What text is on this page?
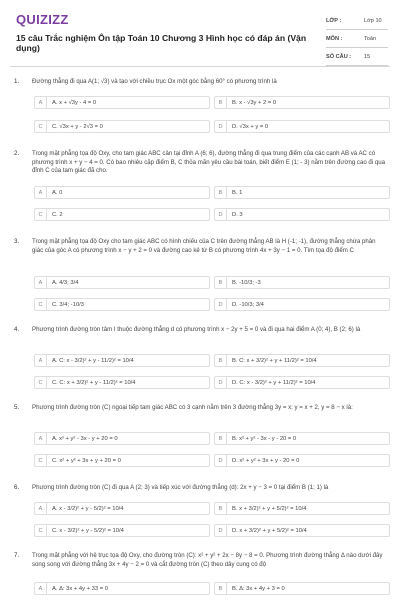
QUIZIZZ
15 câu Trắc nghiệm Ôn tập Toán 10 Chương 3 Hình học có đáp án (Vận dụng)
LỚP :	Lớp 10
MÔN :	Toán
SỐ CÂU : 15
1. Đường thẳng đi qua A(1; √3) và tạo với chiều trục Ox một góc bằng 60° có phương trình là
A	A. x + √3y - 4 = 0	B	B. x - √3y + 2 = 0
C	C. √3x + y - 2√3 = 0	D	D. √3x + y = 0
2. Trong mặt phẳng tọa độ Oxy, cho tam giác ABC cân tại đỉnh A (6; 6), đường thẳng đi qua trung điểm của các cạnh AB và AC có phương trình x + y − 4 = 0. Có bao nhiêu cặp điểm B, C thỏa mãn yêu cầu bài toán, biết điểm E (1; - 3) nằm trên đường cao đi qua đỉnh C của tam giác đã cho.
A	A. 0	B	B. 1
C	C. 2	D	D. 3
3. Trong mặt phẳng tọa độ Oxy cho tam giác ABC có hình chiếu của C trên đường thẳng AB là H (-1; -1), đường thẳng chứa phân giác của góc A có phương trình x − y + 2 = 0 và đường cao kẻ từ B có phương trình 4x + 3y − 1 = 0. Tìm tọa độ điểm C
A	A. 4/3; 3/4	B	B. -10/3; -3
C	C. 3/4; -10/3	D	D. -10/3; 3/4
4. Phương trình đường tròn tâm I thuộc đường thẳng d có phương trình x − 2y + 5 = 0 và đi qua hai điểm A (0; 4), B (2; 6) là
A	A. C: x - 3/2)² + y - 11/2)² = 10/4	B	B. C: x + 3/2)² + y + 11/2)² = 10/4
C	C. C: x + 3/2)² + y - 11/2)² = 10/4	D	D. C: x - 3/2)² + y + 11/2)² = 10/4
5. Phương trình đường tròn (C) ngoại tiếp tam giác ABC có 3 cạnh nằm trên 3 đường thẳng 3y = x; y = x + 2, y = 8 − x là:
A	A. x² + y² - 3x - y + 20 = 0	B	B. x² + y² - 3x - y - 20 = 0
C	C. x² + y² + 3x + y + 20 = 0	D	D. x² + y² + 3x + y - 20 = 0
6. Phương trình đường tròn (C) đi qua A (2; 3) và tiếp xúc với đường thẳng (d): 2x + y − 3 = 0 tại điểm B (1; 1) là
A	A. x - 3/2)² + y - 5/2)² = 10/4	B	B. x + 3/2)² + y + 5/2)² = 10/4
C	C. x - 3/2)² + y - 5/2)² = 10/4	D	D. x + 3/2)² + y + 5/2)² = 10/4
7. Trong mặt phẳng với hệ trục tọa độ Oxy, cho đường tròn (C): x² + y² + 2x − 8y − 8 = 0. Phương trình đường thẳng Δ nào dưới đây song song với đường thẳng 3x + 4y − 2 = 0 và cắt đường tròn (C) theo dây cung có độ
A	A. Δ: 3x + 4y + 33 = 0	B	B. Δ: 3x + 4y + 3 = 0
